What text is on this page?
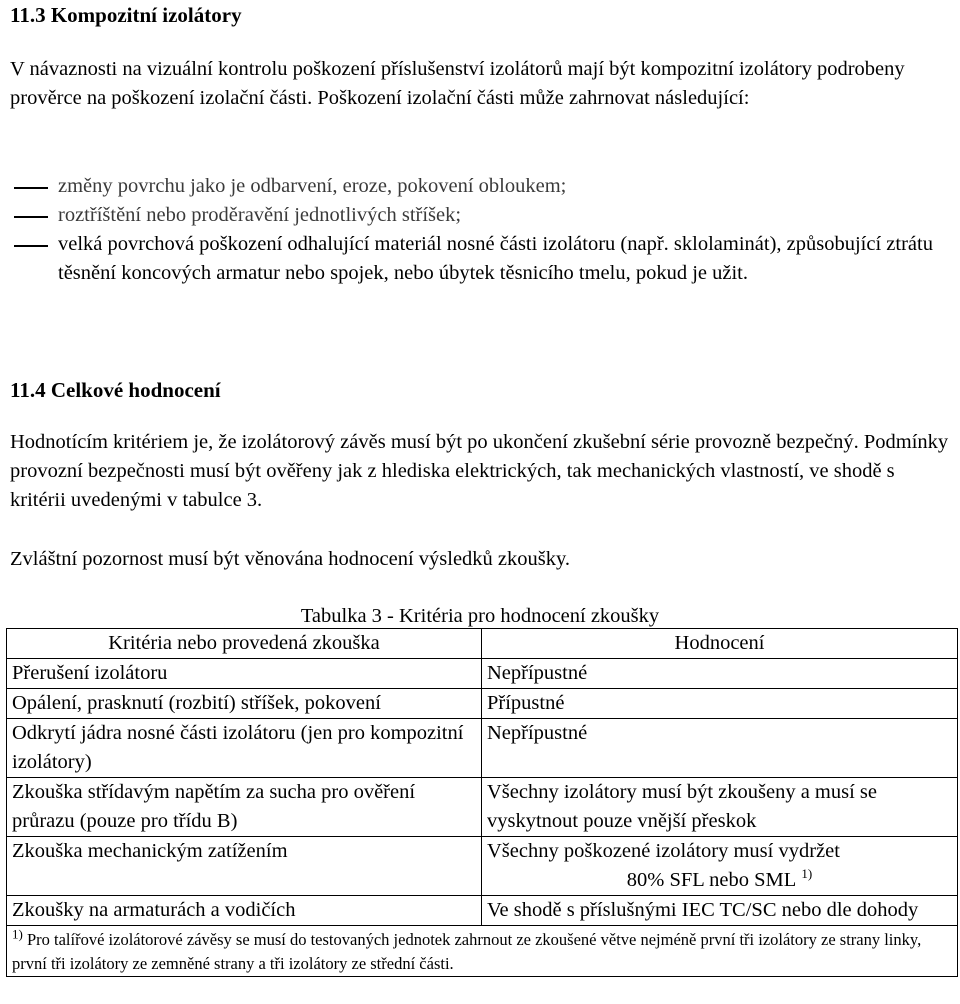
11.3 Kompozitní izolátory
V návaznosti na vizuální kontrolu poškození příslušenství izolátorů mají být kompozitní izolátory podrobeny prověrce na poškození izolační části. Poškození izolační části může zahrnovat následující:
změny povrchu jako je odbarvení, eroze, pokovení obloukem;
roztříštění nebo proděravění jednotlivých stříšek;
velká povrchová poškození odhalující materiál nosné části izolátoru (např. sklolaminát), způsobující ztrátu těsnění koncových armatur nebo spojek, nebo úbytek těsnicího tmelu, pokud je užit.
11.4 Celkové hodnocení
Hodnotícím kritériem je, že izolátorový závěs musí být po ukončení zkušební série provozně bezpečný. Podmínky provozní bezpečnosti musí být ověřeny jak z hlediska elektrických, tak mechanických vlastností, ve shodě s kritérii uvedenými v tabulce 3.
Zvláštní pozornost musí být věnována hodnocení výsledků zkoušky.
Tabulka 3 - Kritéria pro hodnocení zkoušky
Kritéria nebo provedená zkouška	Hodnocení
Přerušení izolátoru	Nepřípustné
Opálení, prasknutí (rozbití) stříšek, pokovení	Přípustné
Odkrytí jádra nosné části izolátoru (jen pro kompozitní izolátory)	Nepřípustné
Zkouška střídavým napětím za sucha pro ověření průrazu (pouze pro třídu B)	Všechny izolátory musí být zkoušeny a musí se vyskytnout pouze vnější přeskok
Zkouška mechanickým zatížením	Všechny poškozené izolátory musí vydržet
80% SFL nebo SML $^{1)}$

Zkoušky na armaturách a vodičích	Ve shodě s příslušnými IEC TC/SC nebo dle dohody
$^{1)}$ Pro talířové izolátorové závěsy se musí do testovaných jednotek zahrnout ze zkoušené větve nejméně první tři izolátory ze strany linky, první tři izolátory ze zemněné strany a tři izolátory ze střední části.	
